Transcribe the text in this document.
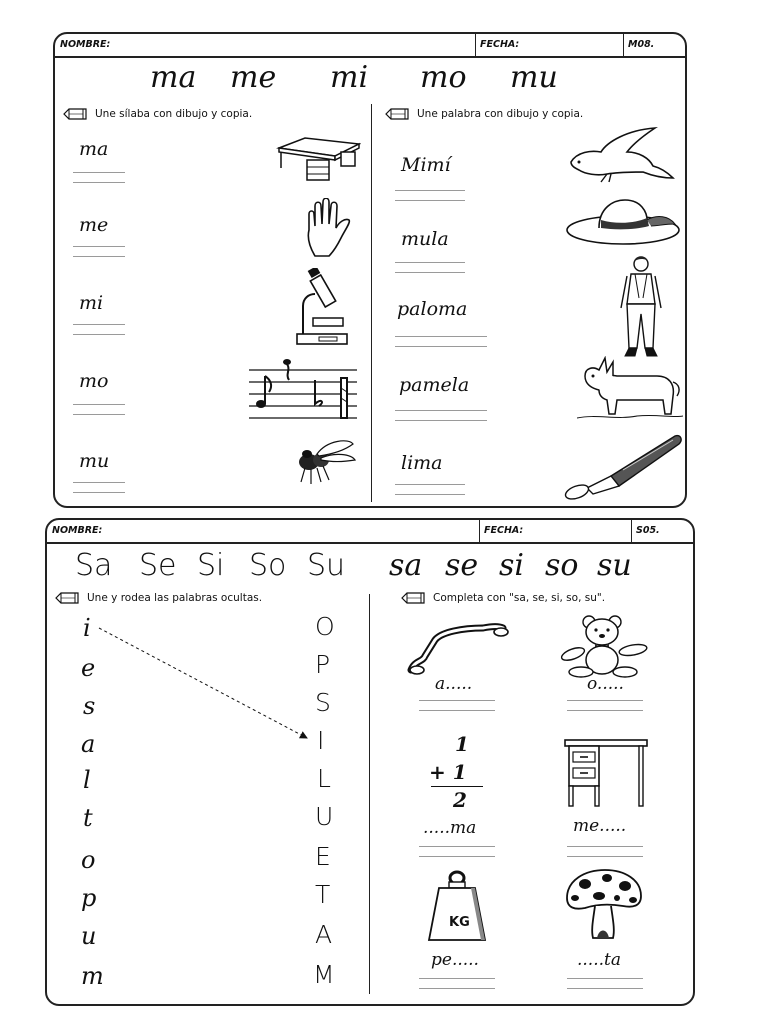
NOMBRE:	FECHA:	M08.
ma me mi mo mu
Une sílaba con dibujo y copia.	Une palabra con dibujo y copia.
ma
me
mi
mo
mu
Mimí
mula
paloma
pamela
lima
NOMBRE:	FECHA:	S05.
Sa Se Si So Su sa se si so su
Une y rodea las palabras ocultas.	Completa con "sa, se, si, so, su".
i
e
s
a
l
t
o
p
u
m
O
P
S
I
L
U
E
T
A
M
a.....	o.....
1
+ 1
2
.....ma	me.....
KG
pe.....	.....ta
